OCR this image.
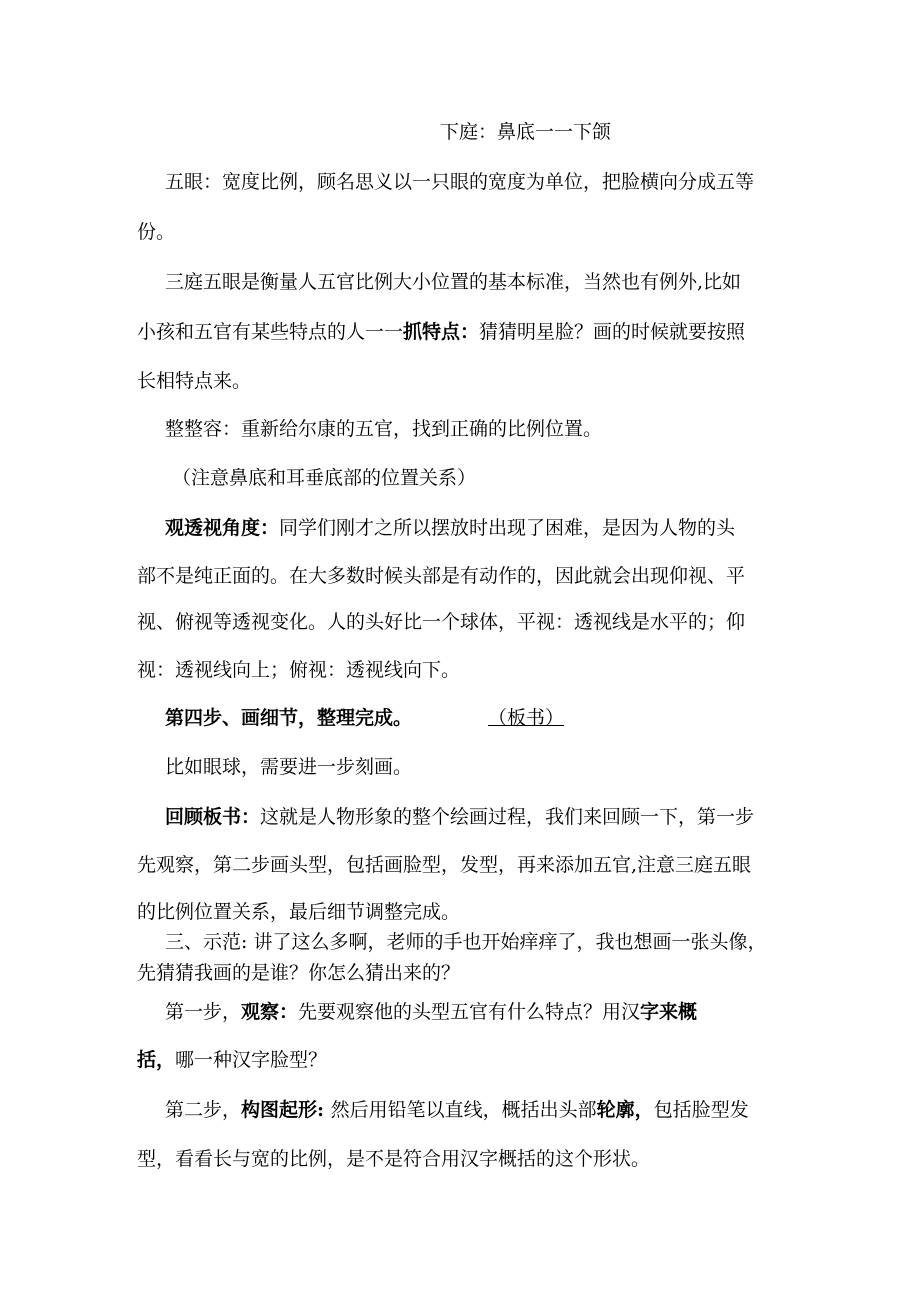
下庭：鼻底一一下颌
五眼：宽度比例，顾名思义以一只眼的宽度为单位，把脸横向分成五等
份。
三庭五眼是衡量人五官比例大小位置的基本标准，当然也有例外,比如
小孩和五官有某些特点的人一一抓特点：猜猜明星脸？画的时候就要按照
长相特点来。
整整容：重新给尔康的五官，找到正确的比例位置。
（注意鼻底和耳垂底部的位置关系）
观透视角度：同学们刚才之所以摆放时出现了困难，是因为人物的头
部不是纯正面的。在大多数时候头部是有动作的，因此就会出现仰视、平
视、俯视等透视变化。人的头好比一个球体，平视：透视线是水平的；仰
视：透视线向上；俯视：透视线向下。
第四步、画细节，整理完成。	（板书）
比如眼球，需要进一步刻画。
回顾板书：这就是人物形象的整个绘画过程，我们来回顾一下，第一步
先观察，第二步画头型，包括画脸型，发型，再来添加五官,注意三庭五眼
的比例位置关系，最后细节调整完成。
三、示范: 讲了这么多啊，老师的手也开始痒痒了，我也想画一张头像，
先猜猜我画的是谁？你怎么猜出来的？
第一步，观察：先要观察他的头型五官有什么特点？用汉字来概
括，哪一种汉字脸型？
第二步，构图起形: 然后用铅笔以直线，概括出头部轮廓，包括脸型发
型，看看长与宽的比例，是不是符合用汉字概括的这个形状。
